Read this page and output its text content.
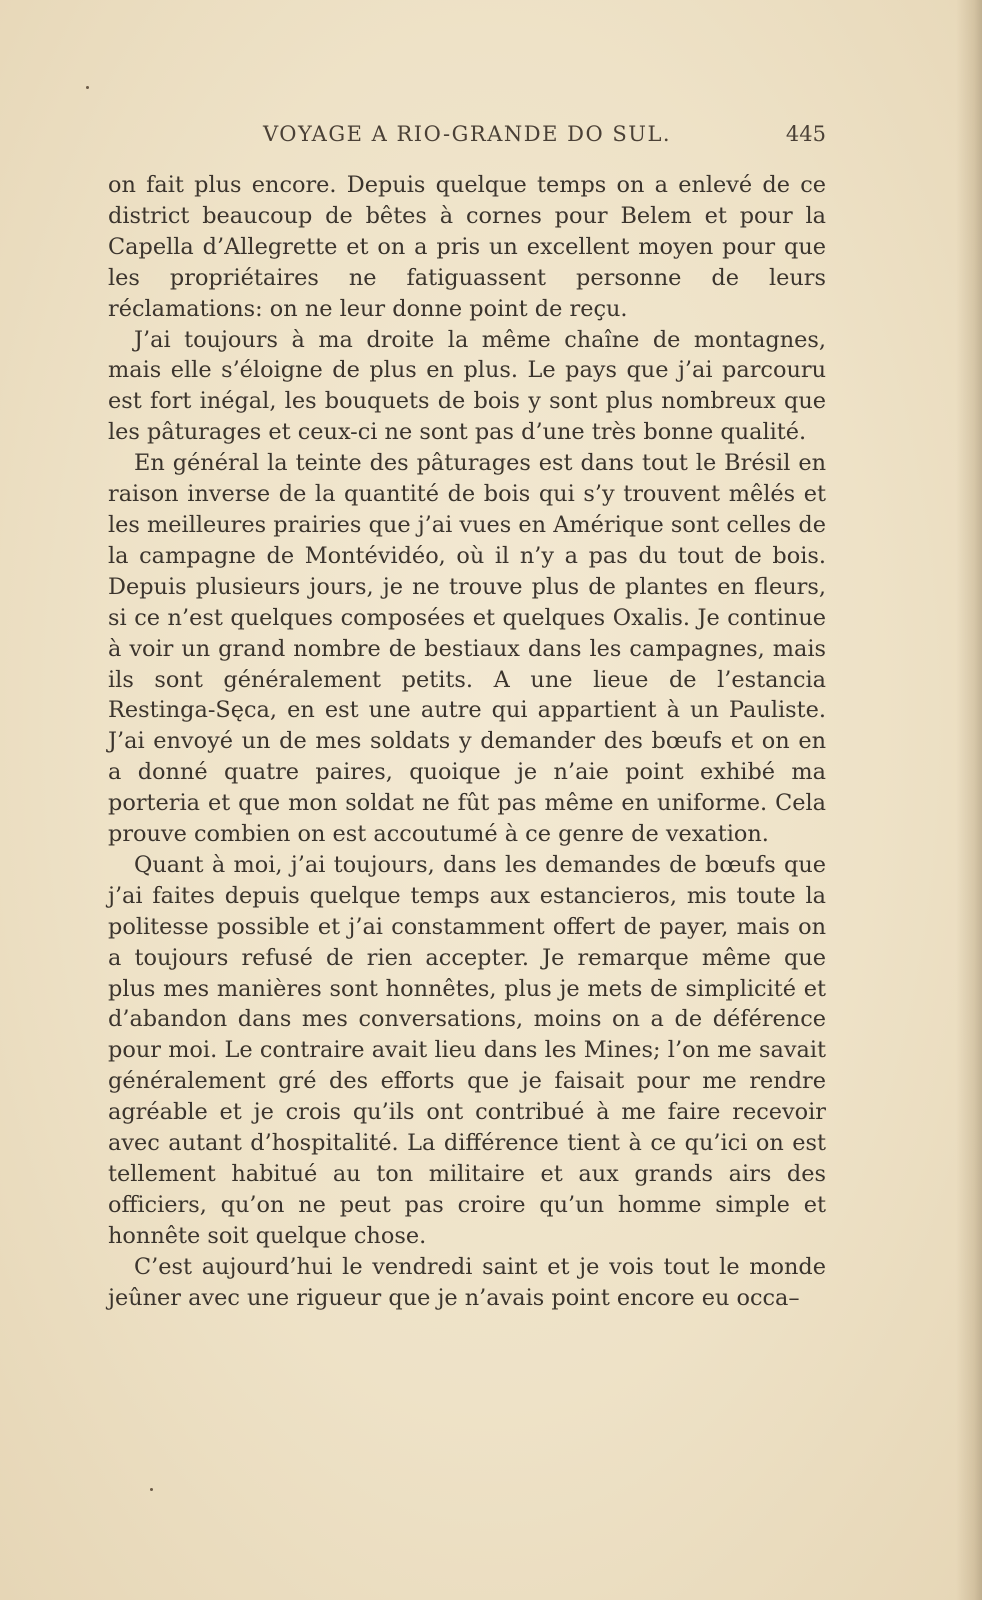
VOYAGE A RIO-GRANDE DO SUL.	445

on fait plus encore. Depuis quelque temps on a enlevé de ce district beaucoup de bêtes à cornes pour Belem et pour la Capella d’Allegrette et on a pris un excellent moyen pour que les propriétaires ne fatiguassent personne de leurs réclamations: on ne leur donne point de reçu.

J’ai toujours à ma droite la même chaîne de montagnes, mais elle s’éloigne de plus en plus. Le pays que j’ai parcouru est fort inégal, les bouquets de bois y sont plus nombreux que les pâturages et ceux-ci ne sont pas d’une très bonne qualité.

En général la teinte des pâturages est dans tout le Brésil en raison inverse de la quantité de bois qui s’y trouvent mêlés et les meilleures prairies que j’ai vues en Amérique sont celles de la campagne de Montévidéo, où il n’y a pas du tout de bois. Depuis plusieurs jours, je ne trouve plus de plantes en fleurs, si ce n’est quelques composées et quelques Oxalis. Je continue à voir un grand nombre de bestiaux dans les campagnes, mais ils sont généralement petits. A une lieue de l’estancia Restinga-Sęca, en est une autre qui appartient à un Pauliste. J’ai envoyé un de mes soldats y demander des bœufs et on en a donné quatre paires, quoique je n’aie point exhibé ma porteria et que mon soldat ne fût pas même en uniforme. Cela prouve combien on est accoutumé à ce genre de vexation.

Quant à moi, j’ai toujours, dans les demandes de bœufs que j’ai faites depuis quelque temps aux estancieros, mis toute la politesse possible et j’ai constamment offert de payer, mais on a toujours refusé de rien accepter. Je remarque même que plus mes manières sont honnêtes, plus je mets de simplicité et d’abandon dans mes conversations, moins on a de déférence pour moi. Le contraire avait lieu dans les Mines; l’on me savait généralement gré des efforts que je faisait pour me rendre agréable et je crois qu’ils ont contribué à me faire recevoir avec autant d’hospitalité. La différence tient à ce qu’ici on est tellement habitué au ton militaire et aux grands airs des officiers, qu’on ne peut pas croire qu’un homme simple et honnête soit quelque chose.

C’est aujourd’hui le vendredi saint et je vois tout le monde jeûner avec une rigueur que je n’avais point encore eu occa–
